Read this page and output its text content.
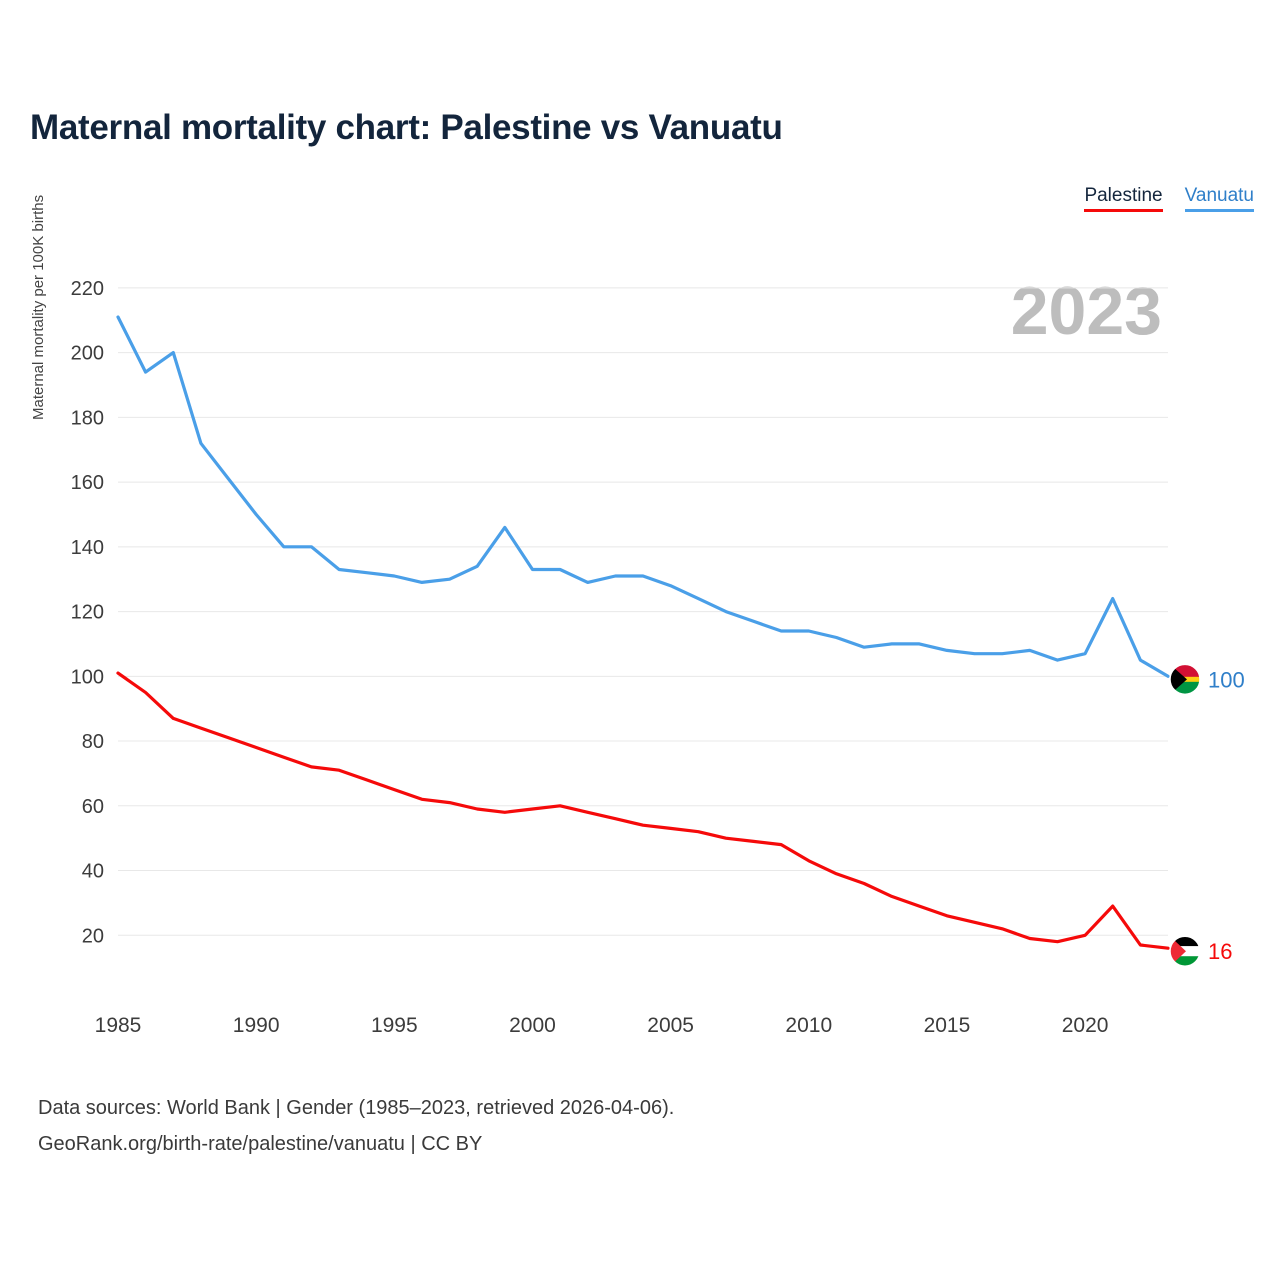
Maternal mortality chart: Palestine vs Vanuatu
Palestine Vanuatu
2023
Maternal mortality per 100K births
20
40
60
80
100
120
140
160
180
200
220
1985	1990	1995	2000	2005	2010	2015	2020
100
16
Data sources: World Bank | Gender (1985–2023, retrieved 2026-04-06).
GeoRank.org/birth-rate/palestine/vanuatu | CC BY
